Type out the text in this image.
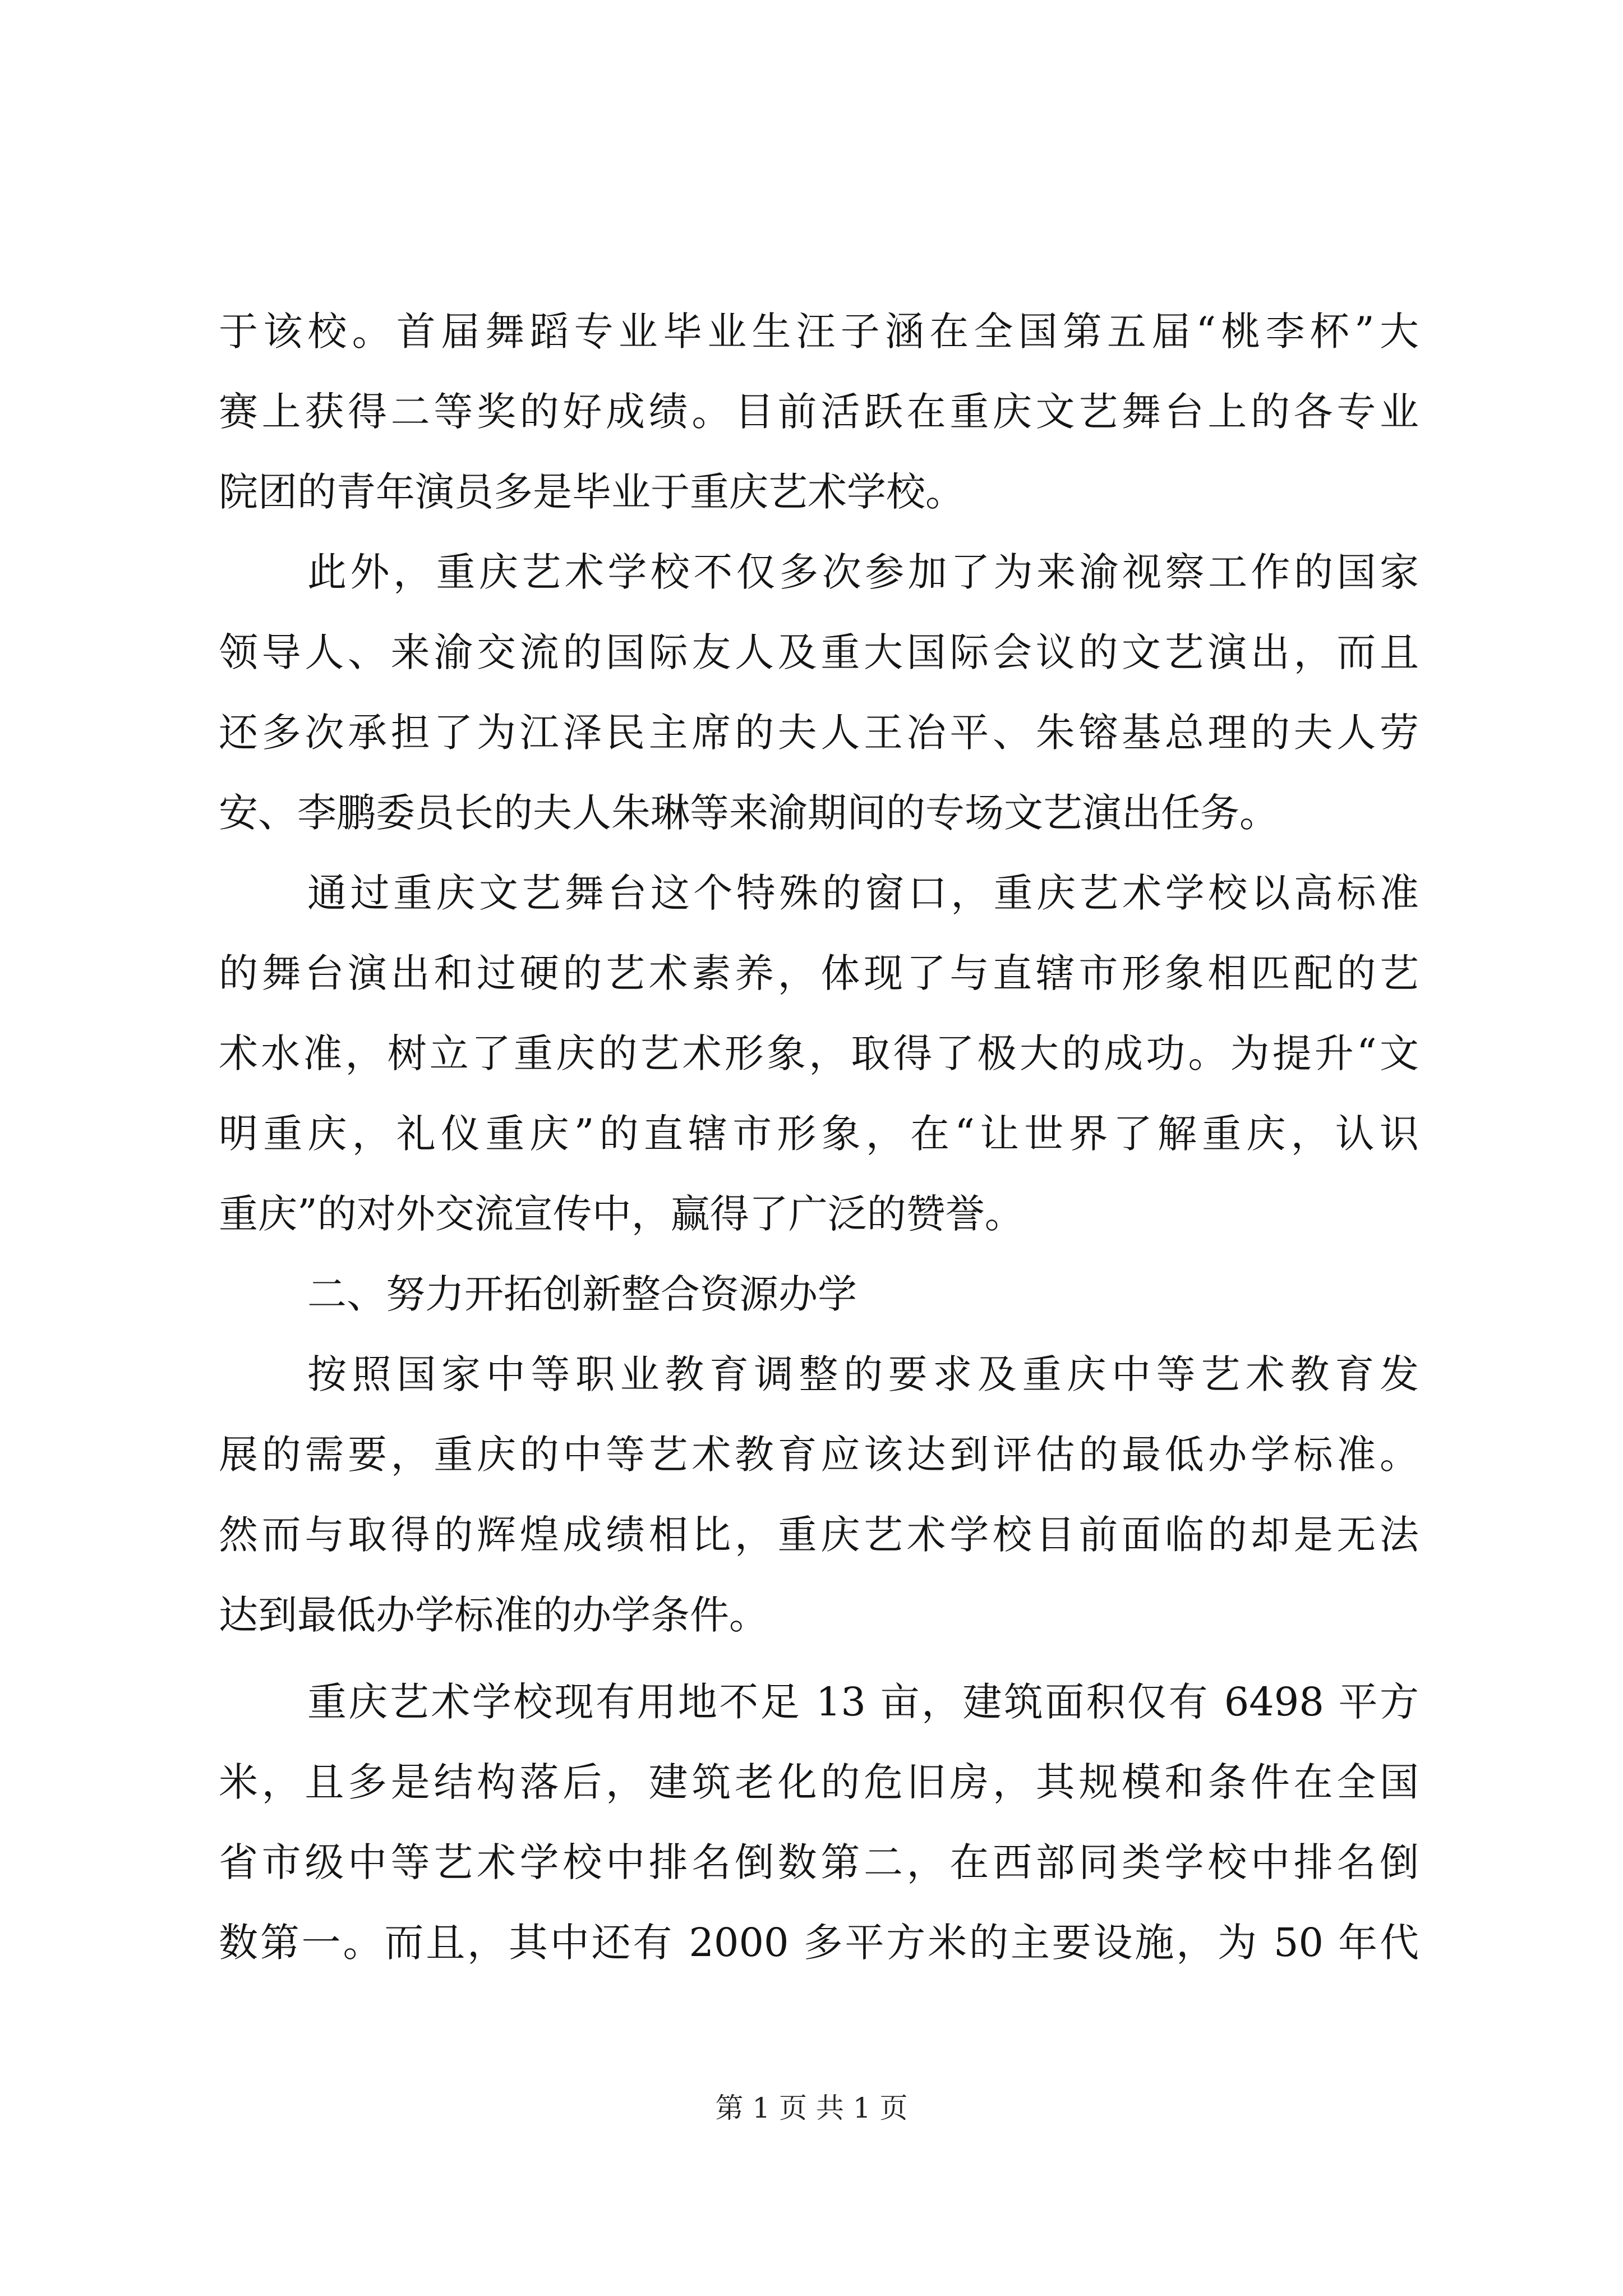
于该校。首届舞蹈专业毕业生汪子涵在全国第五届“桃李杯”大
赛上获得二等奖的好成绩。目前活跃在重庆文艺舞台上的各专业
院团的青年演员多是毕业于重庆艺术学校。
此外，重庆艺术学校不仅多次参加了为来渝视察工作的国家
领导人、来渝交流的国际友人及重大国际会议的文艺演出，而且
还多次承担了为江泽民主席的夫人王冶平、朱镕基总理的夫人劳
安、李鹏委员长的夫人朱琳等来渝期间的专场文艺演出任务。
通过重庆文艺舞台这个特殊的窗口，重庆艺术学校以高标准
的舞台演出和过硬的艺术素养，体现了与直辖市形象相匹配的艺
术水准，树立了重庆的艺术形象，取得了极大的成功。为提升“文
明重庆，礼仪重庆”的直辖市形象，在“让世界了解重庆，认识
重庆”的对外交流宣传中，赢得了广泛的赞誉。
二、努力开拓创新整合资源办学
按照国家中等职业教育调整的要求及重庆中等艺术教育发
展的需要，重庆的中等艺术教育应该达到评估的最低办学标准。
然而与取得的辉煌成绩相比，重庆艺术学校目前面临的却是无法
达到最低办学标准的办学条件。
重庆艺术学校现有用地不足 13 亩，建筑面积仅有 6498 平方
米，且多是结构落后，建筑老化的危旧房，其规模和条件在全国
省市级中等艺术学校中排名倒数第二，在西部同类学校中排名倒
数第一。而且，其中还有 2000 多平方米的主要设施，为 50 年代
第 1 页 共 1 页
